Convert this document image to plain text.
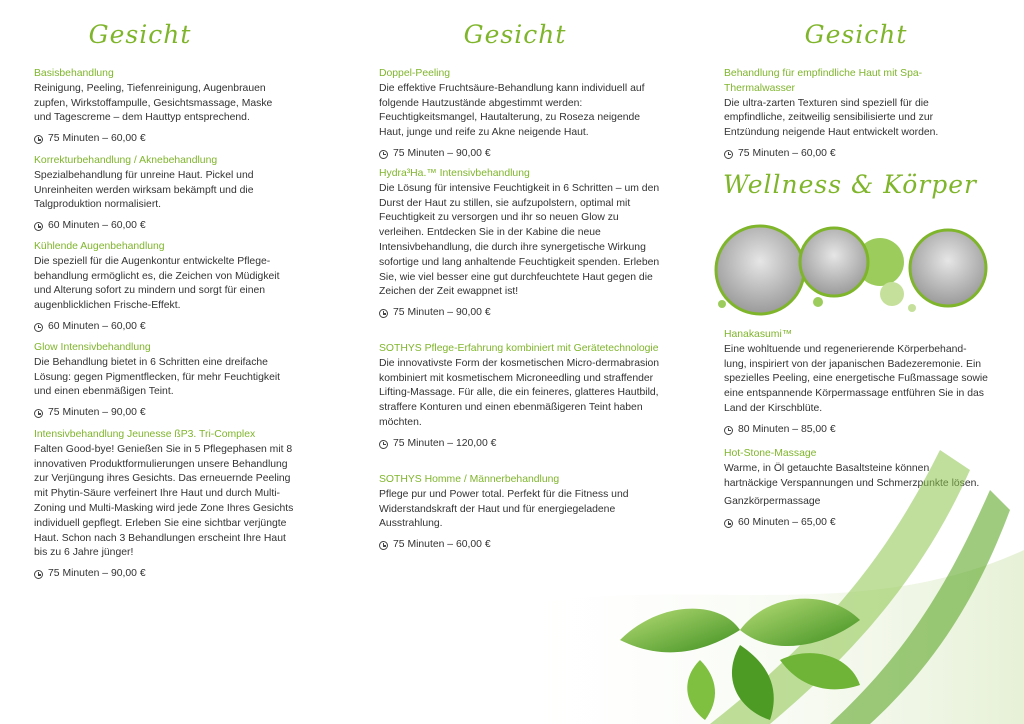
Gesicht	Gesicht	Gesicht
Wellness & Körper
Basisbehandlung
Reinigung, Peeling, Tiefenreinigung, Augenbrauen zupfen, Wirkstoffampulle, Gesichtsmassage, Maske und Tagescreme – dem Hauttyp entsprechend.
75 Minuten – 60,00 €
Korrekturbehandlung / Aknebehandlung
Spezialbehandlung für unreine Haut. Pickel und Unreinheiten werden wirksam bekämpft und die Talgproduktion normalisiert.
60 Minuten – 60,00 €
Kühlende Augenbehandlung
Die speziell für die Augenkontur entwickelte Pflege-behandlung ermöglicht es, die Zeichen von Müdigkeit und Alterung sofort zu mindern und sorgt für einen augenblicklichen Frische-Effekt.
60 Minuten – 60,00 €
Glow Intensivbehandlung
Die Behandlung bietet in 6 Schritten eine dreifache Lösung: gegen Pigmentflecken, für mehr Feuchtigkeit und einen ebenmäßigen Teint.
75 Minuten – 90,00 €
Intensivbehandlung Jeunesse ßP3. Tri-Complex
Falten Good-bye! Genießen Sie in 5 Pflegephasen mit 8 innovativen Produktformulierungen unsere Behandlung zur Verjüngung ihres Gesichts. Das erneuernde Peeling mit Phytin-Säure verfeinert Ihre Haut und durch Multi-Zoning und Multi-Masking wird jede Zone Ihres Gesichts individuell gepflegt. Erleben Sie eine sichtbar verjüngte Haut. Schon nach 3 Behandlungen erscheint Ihre Haut bis zu 6 Jahre jünger!
75 Minuten – 90,00 €
Doppel-Peeling
Die effektive Fruchtsäure-Behandlung kann individuell auf folgende Hautzustände abgestimmt werden: Feuchtigkeitsmangel, Hautalterung, zu Roseza neigende Haut, junge und reife zu Akne neigende Haut.
75 Minuten – 90,00 €
Hydra³Ha.™ Intensivbehandlung
Die Lösung für intensive Feuchtigkeit in 6 Schritten – um den Durst der Haut zu stillen, sie aufzupolstern, optimal mit Feuchtigkeit zu versorgen und ihr so neuen Glow zu verleihen. Entdecken Sie in der Kabine die neue Intensivbehandlung, die durch ihre synergetische Wirkung sofortige und lang anhaltende Feuchtigkeit spenden. Erleben Sie, wie viel besser eine gut durchfeuchtete Haut gegen die Zeichen der Zeit ewappnet ist!
75 Minuten – 90,00 €
SOTHYS Pflege-Erfahrung kombiniert mit Gerätetechnologie
Die innovativste Form der kosmetischen Micro-dermabrasion kombiniert mit kosmetischem Microneedling und straffender Lifting-Massage. Für alle, die ein feineres, glatteres Hautbild, straffere Konturen und einen ebenmäßigeren Teint haben möchten.
75 Minuten – 120,00 €
SOTHYS Homme / Männerbehandlung
Pflege pur und Power total. Perfekt für die Fitness und Widerstandskraft der Haut und für energiegeladene Ausstrahlung.
75 Minuten – 60,00 €
Behandlung für empfindliche Haut mit Spa-Thermalwasser
Die ultra-zarten Texturen sind speziell für die empfindliche, zeitweilig sensibilisierte und zur Entzündung neigende Haut entwickelt worden.
75 Minuten – 60,00 €
Hanakasumi™
Eine wohltuende und regenerierende Körperbehand-lung, inspiriert von der japanischen Badezeremonie. Ein spezielles Peeling, eine energetische Fußmassage sowie eine entspannende Körpermassage entführen Sie in das Land der Kirschblüte.
80 Minuten – 85,00 €
Hot-Stone-Massage
Warme, in Öl getauchte Basaltsteine können hartnäckige Verspannungen und Schmerzpunkte lösen.
Ganzkörpermassage
60 Minuten – 65,00 €
